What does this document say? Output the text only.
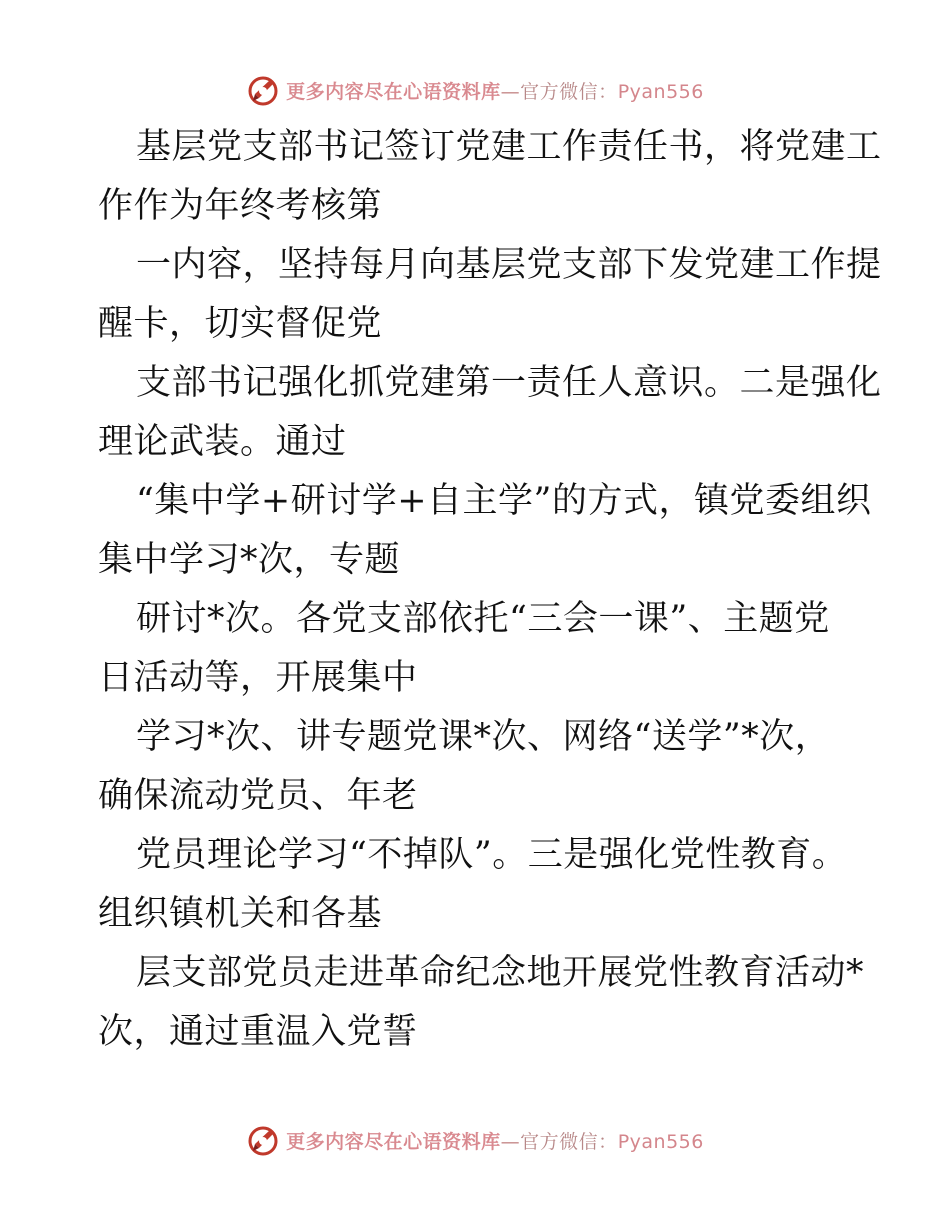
更多内容尽在心语资料库—官方微信：Pyan556
基层党支部书记签订党建工作责任书，将党建工
作作为年终考核第
一内容，坚持每月向基层党支部下发党建工作提
醒卡，切实督促党
支部书记强化抓党建第一责任人意识。二是强化
理论武装。通过
“集中学+研讨学+自主学”的方式，镇党委组织
集中学习*次，专题
研讨*次。各党支部依托“三会一课”、主题党
日活动等，开展集中
学习*次、讲专题党课*次、网络“送学”*次，
确保流动党员、年老
党员理论学习“不掉队”。三是强化党性教育。
组织镇机关和各基
层支部党员走进革命纪念地开展党性教育活动*
次，通过重温入党誓
更多内容尽在心语资料库—官方微信：Pyan556
